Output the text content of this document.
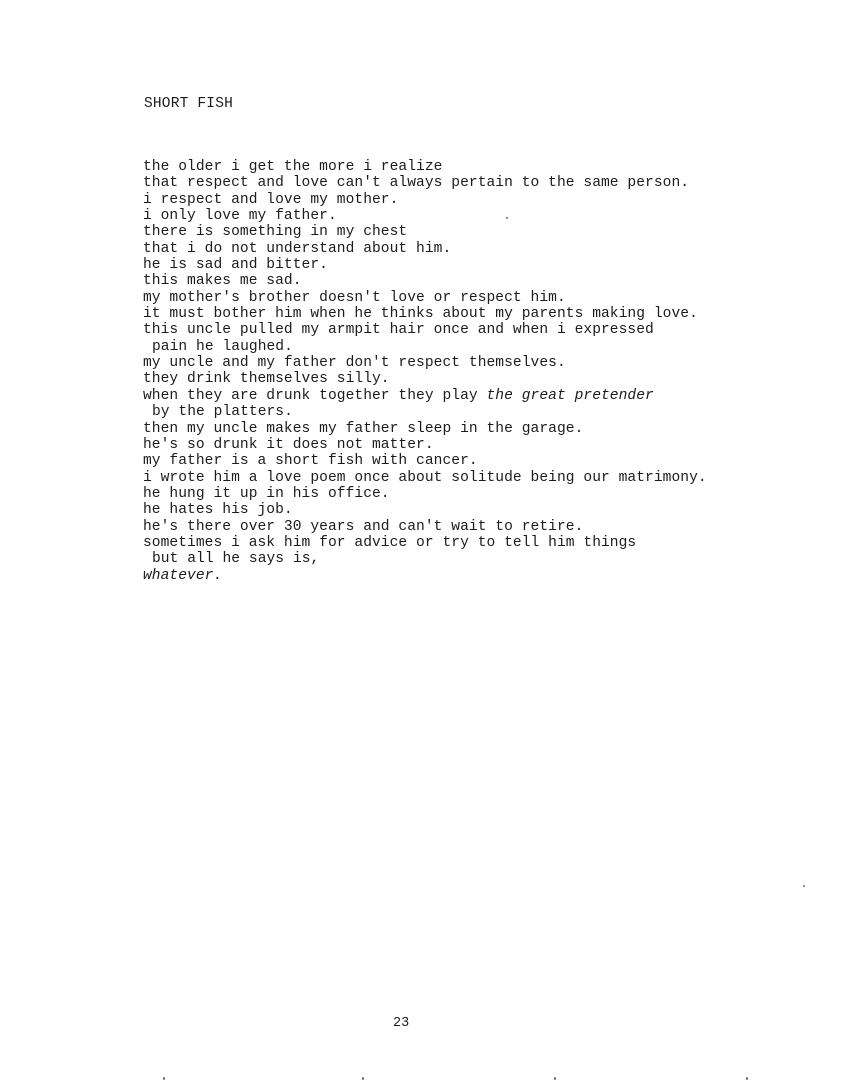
SHORT FISH
the older i get the more i realize
that respect and love can't always pertain to the same person.
i respect and love my mother.
i only love my father.
there is something in my chest
that i do not understand about him.
he is sad and bitter.
this makes me sad.
my mother's brother doesn't love or respect him.
it must bother him when he thinks about my parents making love.
this uncle pulled my armpit hair once and when i expressed
pain he laughed.
my uncle and my father don't respect themselves.
they drink themselves silly.
when they are drunk together they play the great pretender
by the platters.
then my uncle makes my father sleep in the garage.
he's so drunk it does not matter.
my father is a short fish with cancer.
i wrote him a love poem once about solitude being our matrimony.
he hung it up in his office.
he hates his job.
he's there over 30 years and can't wait to retire.
sometimes i ask him for advice or try to tell him things
but all he says is,
whatever.
23
